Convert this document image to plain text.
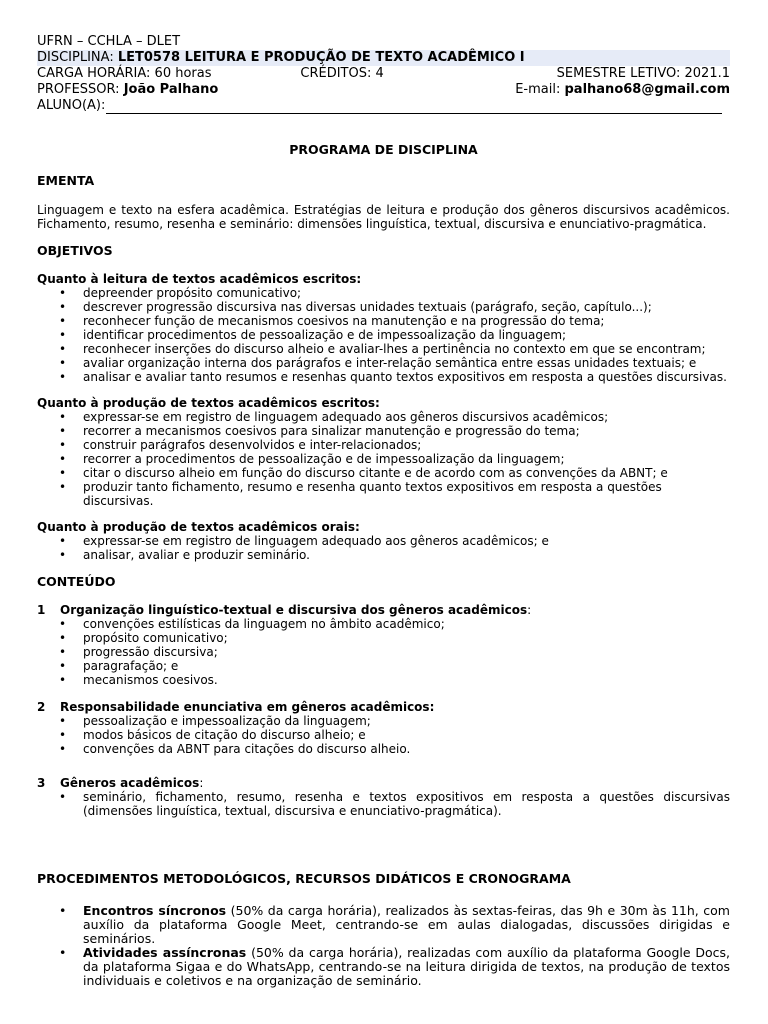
UFRN – CCHLA – DLET
DISCIPLINA: LET0578 LEITURA E PRODUÇÃO DE TEXTO ACADÊMICO I
CARGA HORÁRIA: 60 horas	CRÉDITOS: 4	SEMESTRE LETIVO: 2021.1
PROFESSOR: João Palhano	E-mail: palhano68@gmail.com
ALUNO(A):
PROGRAMA DE DISCIPLINA
EMENTA

Linguagem e texto na esfera acadêmica. Estratégias de leitura e produção dos gêneros discursivos acadêmicos. Fichamento, resumo, resenha e seminário: dimensões linguística, textual, discursiva e enunciativo-pragmática.

OBJETIVOS
Quanto à leitura de textos acadêmicos escritos:
• depreender propósito comunicativo;
• descrever progressão discursiva nas diversas unidades textuais (parágrafo, seção, capítulo...);
• reconhecer função de mecanismos coesivos na manutenção e na progressão do tema;
• identificar procedimentos de pessoalização e de impessoalização da linguagem;
• reconhecer inserções do discurso alheio e avaliar-lhes a pertinência no contexto em que se encontram;
• avaliar organização interna dos parágrafos e inter-relação semântica entre essas unidades textuais; e
• analisar e avaliar tanto resumos e resenhas quanto textos expositivos em resposta a questões discursivas.
Quanto à produção de textos acadêmicos escritos:
• expressar-se em registro de linguagem adequado aos gêneros discursivos acadêmicos;
• recorrer a mecanismos coesivos para sinalizar manutenção e progressão do tema;
• construir parágrafos desenvolvidos e inter-relacionados;
• recorrer a procedimentos de pessoalização e de impessoalização da linguagem;
• citar o discurso alheio em função do discurso citante e de acordo com as convenções da ABNT; e
• produzir tanto fichamento, resumo e resenha quanto textos expositivos em resposta a questões discursivas.
Quanto à produção de textos acadêmicos orais:
• expressar-se em registro de linguagem adequado aos gêneros acadêmicos; e
• analisar, avaliar e produzir seminário.
CONTEÚDO
1	Organização linguístico-textual e discursiva dos gêneros acadêmicos:
• convenções estilísticas da linguagem no âmbito acadêmico;
• propósito comunicativo;
• progressão discursiva;
• paragrafação; e
• mecanismos coesivos.
2	Responsabilidade enunciativa em gêneros acadêmicos:
• pessoalização e impessoalização da linguagem;
• modos básicos de citação do discurso alheio; e
• convenções da ABNT para citações do discurso alheio.
3	Gêneros acadêmicos:
• seminário, fichamento, resumo, resenha e textos expositivos em resposta a questões discursivas (dimensões linguística, textual, discursiva e enunciativo-pragmática).
PROCEDIMENTOS METODOLÓGICOS, RECURSOS DIDÁTICOS E CRONOGRAMA
• Encontros síncronos (50% da carga horária), realizados às sextas-feiras, das 9h e 30m às 11h, com auxílio da plataforma Google Meet, centrando-se em aulas dialogadas, discussões dirigidas e seminários.
• Atividades assíncronas (50% da carga horária), realizadas com auxílio da plataforma Google Docs, da plataforma Sigaa e do WhatsApp, centrando-se na leitura dirigida de textos, na produção de textos individuais e coletivos e na organização de seminário.
